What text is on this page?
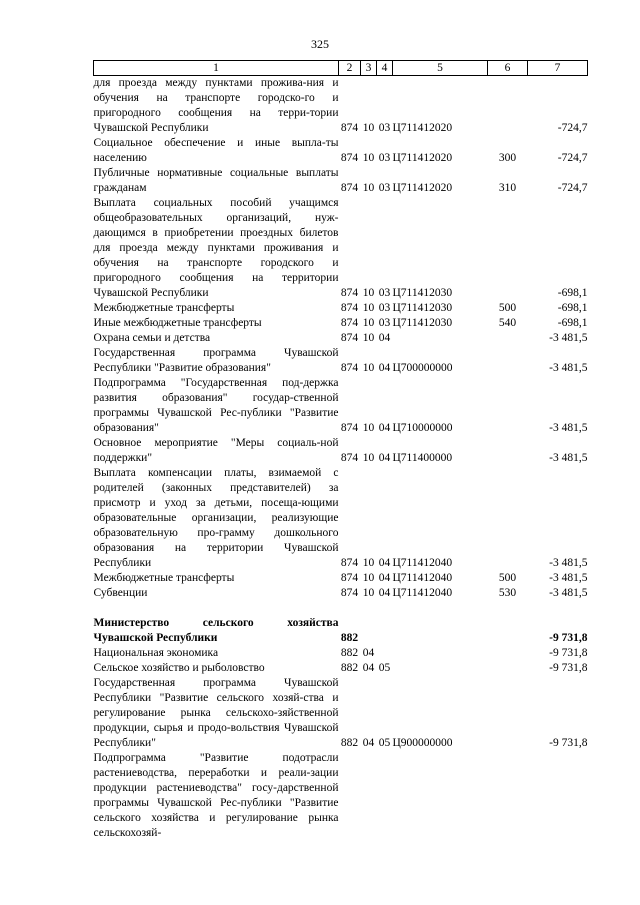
325
1	2	3	4	5	6	7
для проезда между пунктами прожива-ния и обучения на транспорте городско-го и пригородного сообщения на терри-тории Чувашской Республики	874	10	03	Ц711412020		-724,7
Социальное обеспечение и иные выпла-ты населению	874	10	03	Ц711412020	300	-724,7
Публичные нормативные социальные выплаты гражданам	874	10	03	Ц711412020	310	-724,7
Выплата социальных пособий учащимся общеобразовательных организаций, нуж-дающимся в приобретении проездных билетов для проезда между пунктами проживания и обучения на транспорте городского и пригородного сообщения на территории Чувашской Республики	874	10	03	Ц711412030		-698,1
Межбюджетные трансферты	874	10	03	Ц711412030	500	-698,1
Иные межбюджетные трансферты	874	10	03	Ц711412030	540	-698,1
Охрана семьи и детства	874	10	04			-3 481,5
Государственная программа Чувашской Республики "Развитие образования"	874	10	04	Ц700000000		-3 481,5
Подпрограмма "Государственная под-держка развития образования" государ-ственной программы Чувашской Рес-публики "Развитие образования"	874	10	04	Ц710000000		-3 481,5
Основное мероприятие "Меры социаль-ной поддержки"	874	10	04	Ц711400000		-3 481,5
Выплата компенсации платы, взимаемой с родителей (законных представителей) за присмотр и уход за детьми, посеща-ющими образовательные организации, реализующие образовательную про-грамму дошкольного образования на территории Чувашской Республики	874	10	04	Ц711412040		-3 481,5
Межбюджетные трансферты	874	10	04	Ц711412040	500	-3 481,5
Субвенции	874	10	04	Ц711412040	530	-3 481,5

Министерство сельского хозяйства Чувашской Республики	882					-9 731,8
Национальная экономика	882	04				-9 731,8
Сельское хозяйство и рыболовство	882	04	05			-9 731,8
Государственная программа Чувашской Республики "Развитие сельского хозяй-ства и регулирование рынка сельскохо-зяйственной продукции, сырья и продо-вольствия Чувашской Республики"	882	04	05	Ц900000000		-9 731,8
Подпрограмма "Развитие подотрасли растениеводства, переработки и реали-зации продукции растениеводства" госу-дарственной программы Чувашской Рес-публики "Развитие сельского хозяйства и регулирование рынка сельскохозяй-						
